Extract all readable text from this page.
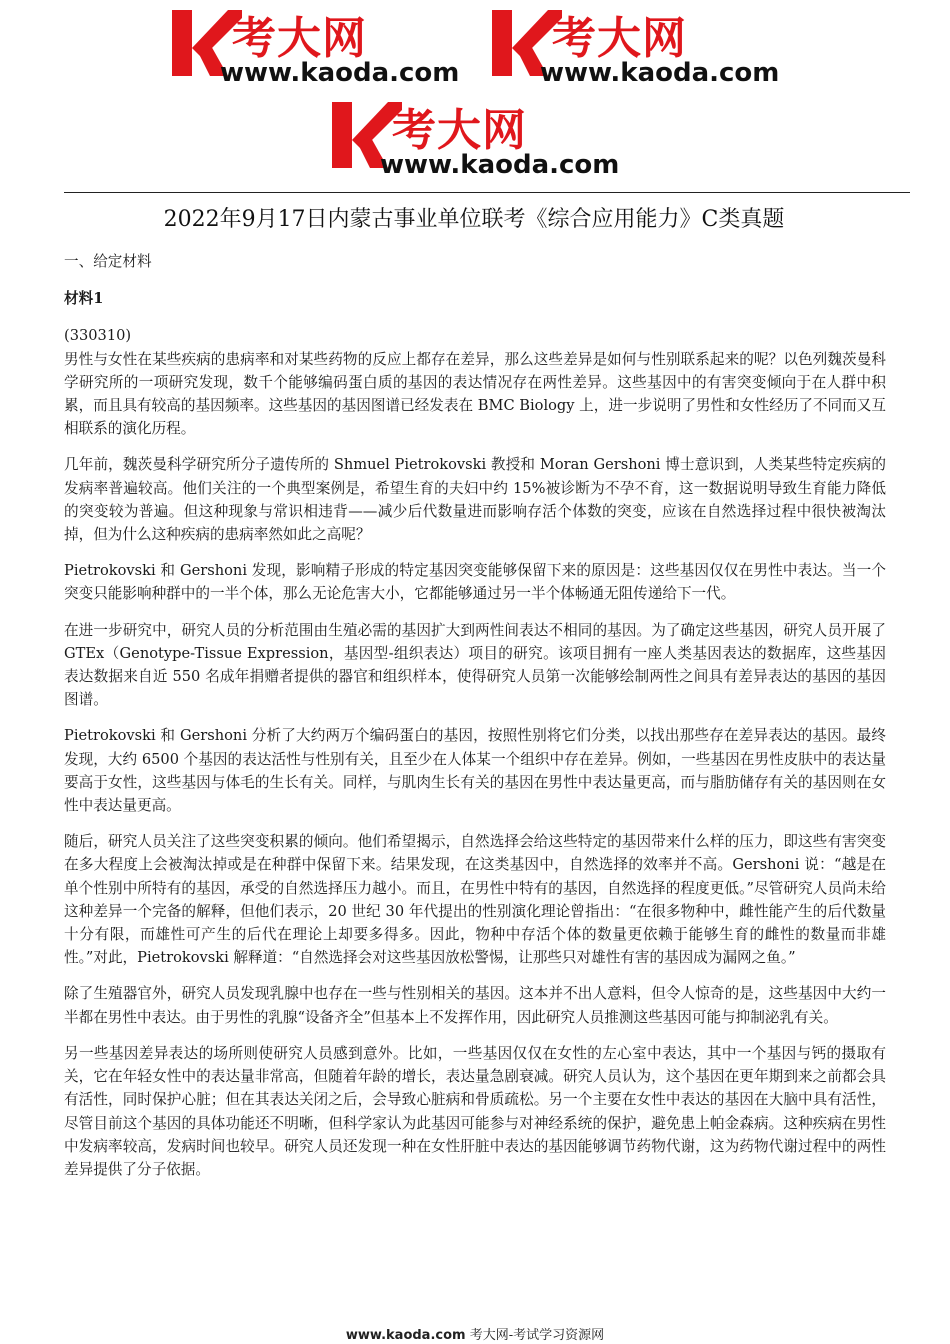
考大网
www.kaoda.com
考大网
www.kaoda.com
考大网
www.kaoda.com
2022年9月17日内蒙古事业单位联考《综合应用能力》C类真题

一、给定材料

材料1

(330310)

男性与女性在某些疾病的患病率和对某些药物的反应上都存在差异，那么这些差异是如何与性别联系起来的呢？以色列魏茨曼科学研究所的一项研究发现，数千个能够编码蛋白质的基因的表达情况存在两性差异。这些基因中的有害突变倾向于在人群中积累，而且具有较高的基因频率。这些基因的基因图谱已经发表在 BMC Biology 上，进一步说明了男性和女性经历了不同而又互相联系的演化历程。

几年前，魏茨曼科学研究所分子遗传所的 Shmuel Pietrokovski 教授和 Moran Gershoni 博士意识到，人类某些特定疾病的发病率普遍较高。他们关注的一个典型案例是，希望生育的夫妇中约 15%被诊断为不孕不育，这一数据说明导致生育能力降低的突变较为普遍。但这种现象与常识相违背——减少后代数量进而影响存活个体数的突变，应该在自然选择过程中很快被淘汰掉，但为什么这种疾病的患病率然如此之高呢？

Pietrokovski 和 Gershoni 发现，影响精子形成的特定基因突变能够保留下来的原因是：这些基因仅仅在男性中表达。当一个突变只能影响种群中的一半个体，那么无论危害大小，它都能够通过另一半个体畅通无阻传递给下一代。

在进一步研究中，研究人员的分析范围由生殖必需的基因扩大到两性间表达不相同的基因。为了确定这些基因，研究人员开展了 GTEx（Genotype-Tissue Expression，基因型-组织表达）项目的研究。该项目拥有一座人类基因表达的数据库，这些基因表达数据来自近 550 名成年捐赠者提供的器官和组织样本，使得研究人员第一次能够绘制两性之间具有差异表达的基因的基因图谱。

Pietrokovski 和 Gershoni 分析了大约两万个编码蛋白的基因，按照性别将它们分类，以找出那些存在差异表达的基因。最终发现，大约 6500 个基因的表达活性与性别有关，且至少在人体某一个组织中存在差异。例如，一些基因在男性皮肤中的表达量要高于女性，这些基因与体毛的生长有关。同样，与肌肉生长有关的基因在男性中表达量更高，而与脂肪储存有关的基因则在女性中表达量更高。

随后，研究人员关注了这些突变积累的倾向。他们希望揭示，自然选择会给这些特定的基因带来什么样的压力，即这些有害突变在多大程度上会被淘汰掉或是在种群中保留下来。结果发现，在这类基因中，自然选择的效率并不高。Gershoni 说：“越是在单个性别中所特有的基因，承受的自然选择压力越小。而且，在男性中特有的基因，自然选择的程度更低。”尽管研究人员尚未给这种差异一个完备的解释，但他们表示，20 世纪 30 年代提出的性别演化理论曾指出：“在很多物种中，雌性能产生的后代数量十分有限，而雄性可产生的后代在理论上却要多得多。因此，物种中存活个体的数量更依赖于能够生育的雌性的数量而非雄性。”对此，Pietrokovski 解释道：“自然选择会对这些基因放松警惕，让那些只对雄性有害的基因成为漏网之鱼。”

除了生殖器官外，研究人员发现乳腺中也存在一些与性别相关的基因。这本并不出人意料，但令人惊奇的是，这些基因中大约一半都在男性中表达。由于男性的乳腺“设备齐全”但基本上不发挥作用，因此研究人员推测这些基因可能与抑制泌乳有关。

另一些基因差异表达的场所则使研究人员感到意外。比如，一些基因仅仅在女性的左心室中表达，其中一个基因与钙的摄取有关，它在年轻女性中的表达量非常高，但随着年龄的增长，表达量急剧衰减。研究人员认为，这个基因在更年期到来之前都会具有活性，同时保护心脏；但在其表达关闭之后，会导致心脏病和骨质疏松。另一个主要在女性中表达的基因在大脑中具有活性，尽管目前这个基因的具体功能还不明晰，但科学家认为此基因可能参与对神经系统的保护，避免患上帕金森病。这种疾病在男性中发病率较高，发病时间也较早。研究人员还发现一种在女性肝脏中表达的基因能够调节药物代谢，这为药物代谢过程中的两性差异提供了分子依据。

www.kaoda.com 考大网-考试学习资源网
